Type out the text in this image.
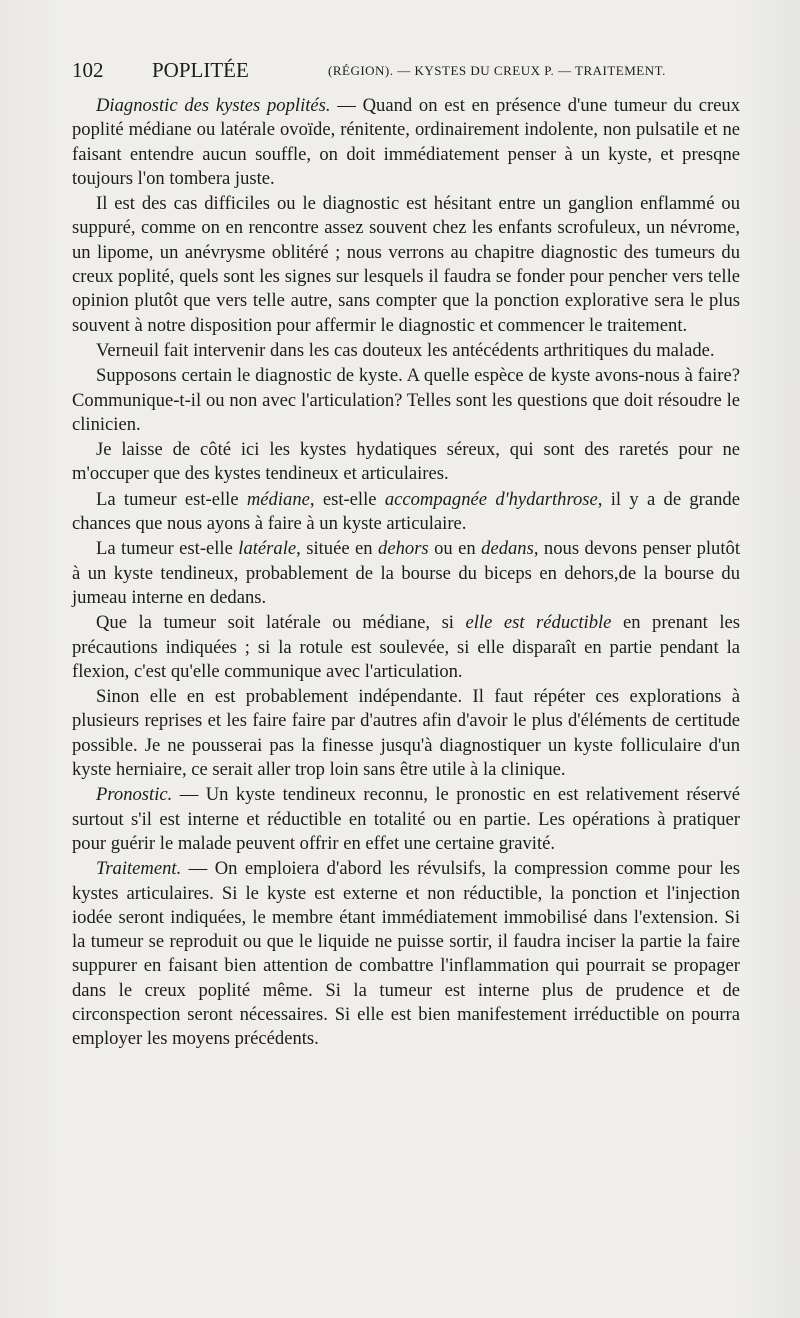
102 POPLITÉE	(RÉGION). — KYSTES DU CREUX P. — TRAITEMENT.

Diagnostic des kystes poplités. — Quand on est en présence d'une tumeur du creux poplité médiane ou latérale ovoïde, rénitente, ordinairement indolente, non pulsatile et ne faisant entendre aucun souffle, on doit immédiatement penser à un kyste, et presqne toujours l'on tombera juste.

Il est des cas difficiles ou le diagnostic est hésitant entre un ganglion enflammé ou suppuré, comme on en rencontre assez souvent chez les enfants scrofuleux, un névrome, un lipome, un anévrysme oblitéré ; nous verrons au chapitre diagnostic des tumeurs du creux poplité, quels sont les signes sur lesquels il faudra se fonder pour pencher vers telle opinion plutôt que vers telle autre, sans compter que la ponction explorative sera le plus souvent à notre disposition pour affermir le diagnostic et commencer le traitement.

Verneuil fait intervenir dans les cas douteux les antécédents arthritiques du malade.

Supposons certain le diagnostic de kyste. A quelle espèce de kyste avons-nous à faire? Communique-t-il ou non avec l'articulation? Telles sont les questions que doit résoudre le clinicien.

Je laisse de côté ici les kystes hydatiques séreux, qui sont des raretés pour ne m'occuper que des kystes tendineux et articulaires.

La tumeur est-elle médiane, est-elle accompagnée d'hydarthrose, il y a de grande chances que nous ayons à faire à un kyste articulaire.

La tumeur est-elle latérale, située en dehors ou en dedans, nous devons penser plutôt à un kyste tendineux, probablement de la bourse du biceps en dehors,de la bourse du jumeau interne en dedans.

Que la tumeur soit latérale ou médiane, si elle est réductible en prenant les précautions indiquées ; si la rotule est soulevée, si elle disparaît en partie pendant la flexion, c'est qu'elle communique avec l'articulation.

Sinon elle en est probablement indépendante. Il faut répéter ces explorations à plusieurs reprises et les faire faire par d'autres afin d'avoir le plus d'éléments de certitude possible. Je ne pousserai pas la finesse jusqu'à diagnostiquer un kyste folliculaire d'un kyste herniaire, ce serait aller trop loin sans être utile à la clinique.

Pronostic. — Un kyste tendineux reconnu, le pronostic en est relativement réservé surtout s'il est interne et réductible en totalité ou en partie. Les opérations à pratiquer pour guérir le malade peuvent offrir en effet une certaine gravité.

Traitement. — On emploiera d'abord les révulsifs, la compression comme pour les kystes articulaires. Si le kyste est externe et non réductible, la ponction et l'injection iodée seront indiquées, le membre étant immédiatement immobilisé dans l'extension. Si la tumeur se reproduit ou que le liquide ne puisse sortir, il faudra inciser la partie la faire suppurer en faisant bien attention de combattre l'inflammation qui pourrait se propager dans le creux poplité même. Si la tumeur est interne plus de prudence et de circonspection seront nécessaires. Si elle est bien manifestement irréductible on pourra employer les moyens précédents.
